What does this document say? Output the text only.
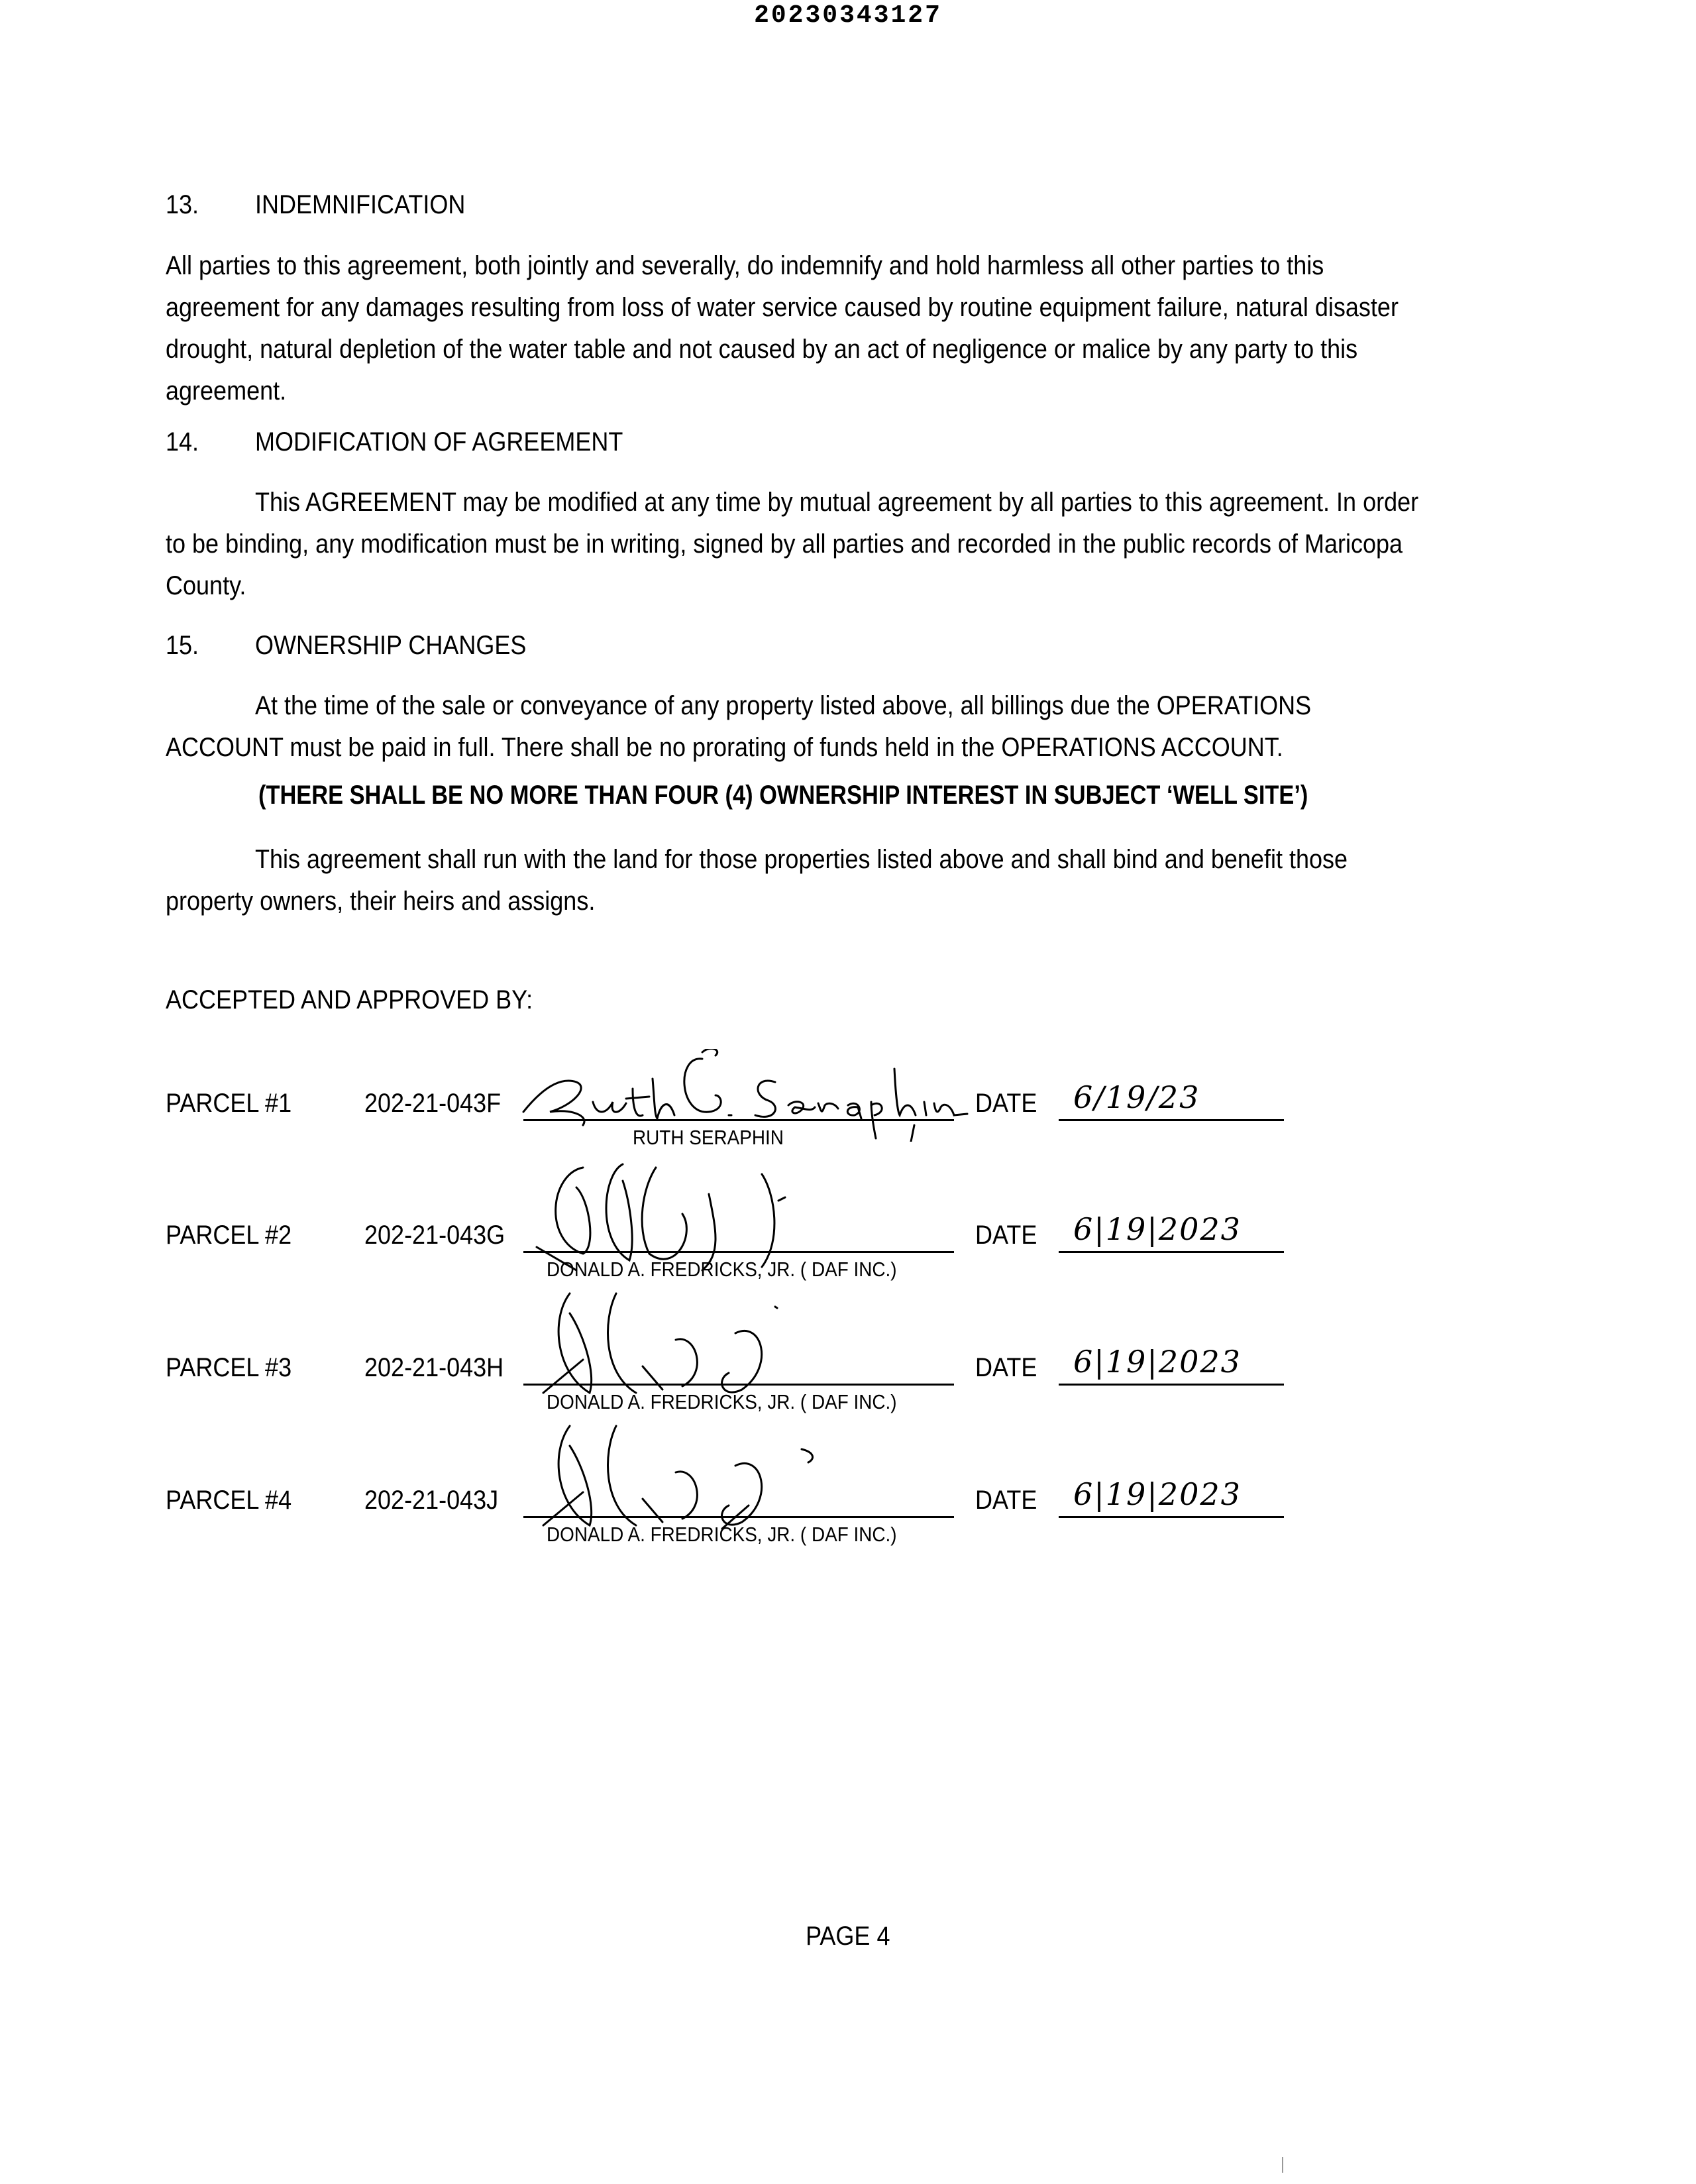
20230343127
13. INDEMNIFICATION
All parties to this agreement, both jointly and severally, do indemnify and hold harmless all other parties to this
agreement for any damages resulting from loss of water service caused by routine equipment failure, natural disaster
drought, natural depletion of the water table and not caused by an act of negligence or malice by any party to this
agreement.
14. MODIFICATION OF AGREEMENT
This AGREEMENT may be modified at any time by mutual agreement by all parties to this agreement. In order
to be binding, any modification must be in writing, signed by all parties and recorded in the public records of Maricopa
County.
15. OWNERSHIP CHANGES
At the time of the sale or conveyance of any property listed above, all billings due the OPERATIONS
ACCOUNT must be paid in full. There shall be no prorating of funds held in the OPERATIONS ACCOUNT.
(THERE SHALL BE NO MORE THAN FOUR (4) OWNERSHIP INTEREST IN SUBJECT ‘WELL SITE’)
This agreement shall run with the land for those properties listed above and shall bind and benefit those
property owners, their heirs and assigns.
ACCEPTED AND APPROVED BY:
PARCEL #1	202-21-043F
RUTH SERAPHIN
DATE 6/19/23
PARCEL #2	202-21-043G
DONALD A. FREDRICKS, JR. ( DAF INC.)
DATE 6|19|2023
PARCEL #3	202-21-043H
DONALD A. FREDRICKS, JR. ( DAF INC.)
DATE 6|19|2023
PARCEL #4	202-21-043J
DONALD A. FREDRICKS, JR. ( DAF INC.)
DATE 6|19|2023
PAGE 4
